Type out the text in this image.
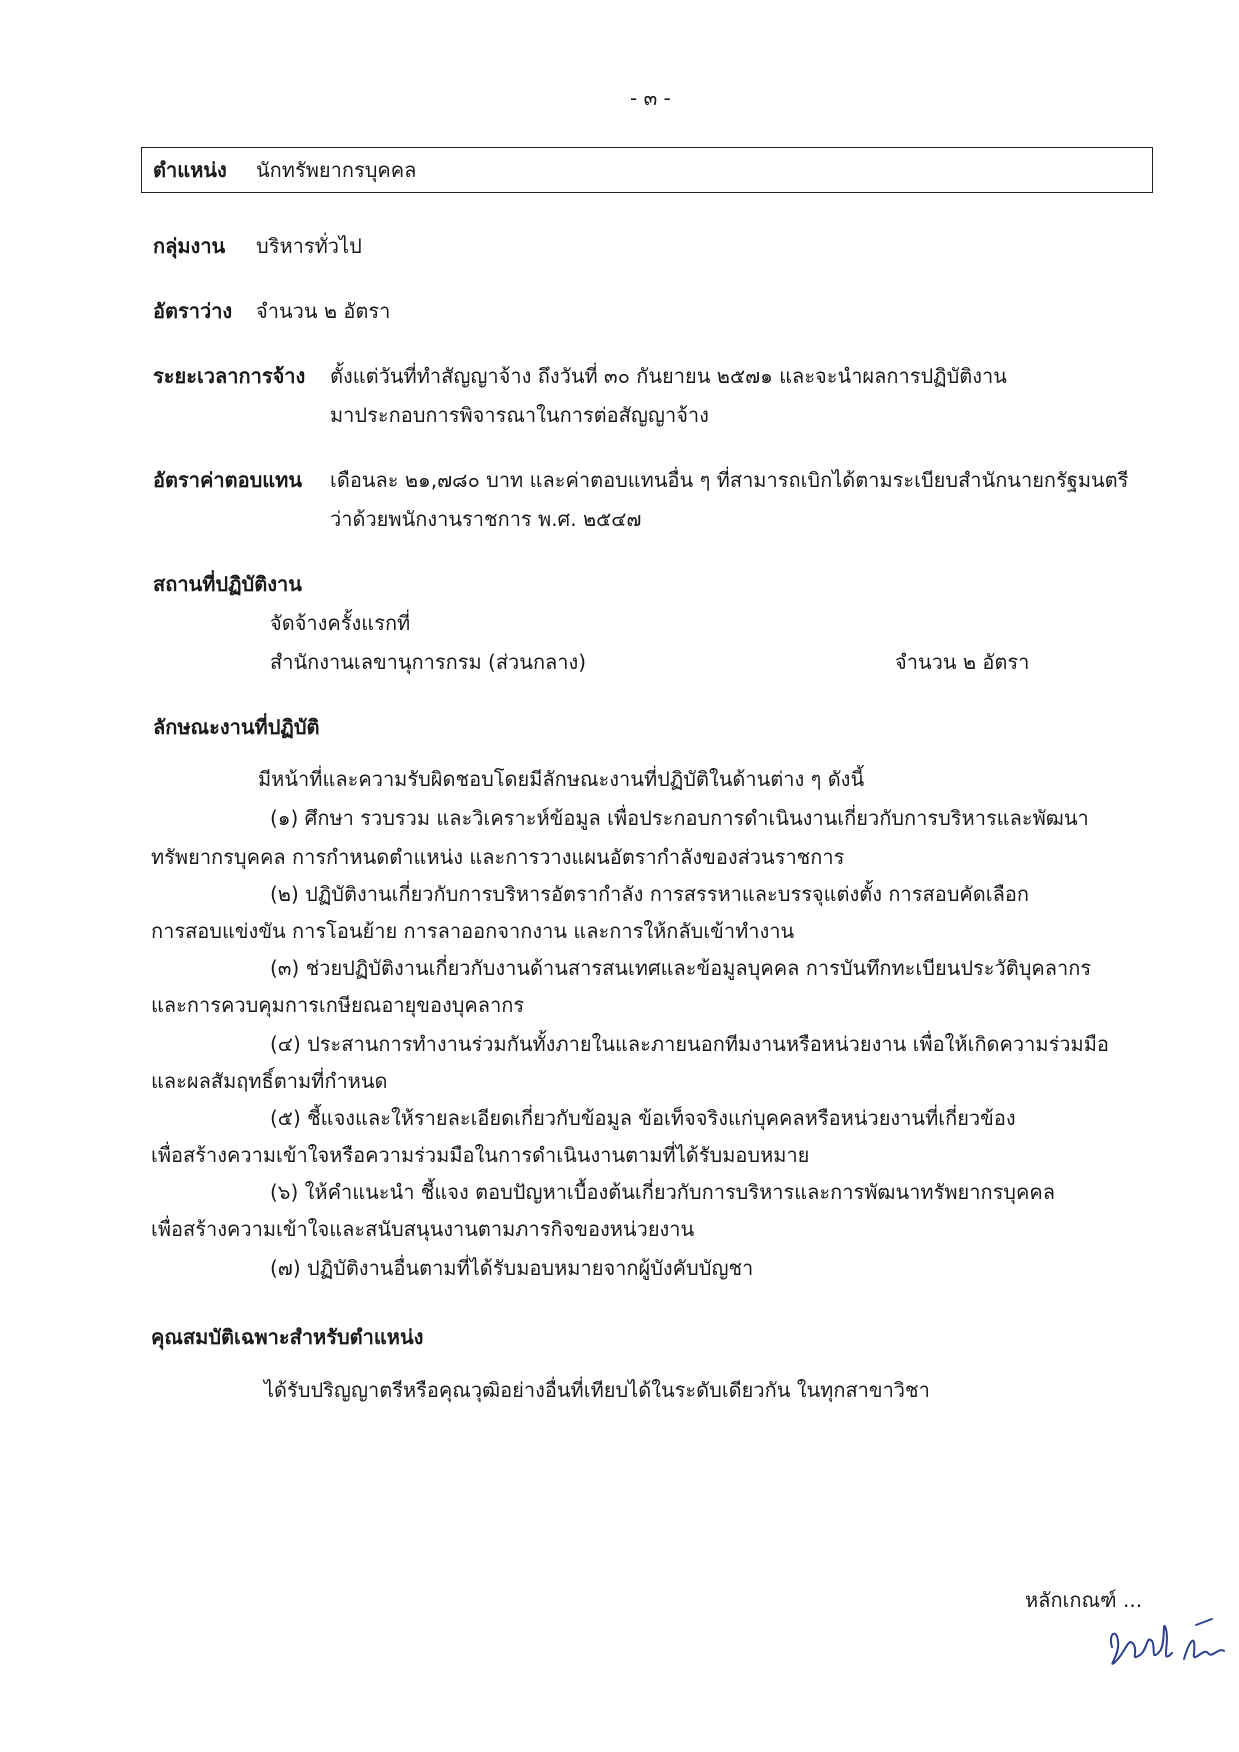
- ๓ -
ตำแหน่ง นักทรัพยากรบุคคล
กลุ่มงาน บริหารทั่วไป
อัตราว่าง จำนวน ๒ อัตรา
ระยะเวลาการจ้าง ตั้งแต่วันที่ทำสัญญาจ้าง ถึงวันที่ ๓๐ กันยายน ๒๕๗๑ และจะนำผลการปฏิบัติงาน
มาประกอบการพิจารณาในการต่อสัญญาจ้าง
อัตราค่าตอบแทน เดือนละ ๒๑,๗๘๐ บาท และค่าตอบแทนอื่น ๆ ที่สามารถเบิกได้ตามระเบียบสำนักนายกรัฐมนตรี
ว่าด้วยพนักงานราชการ พ.ศ. ๒๕๔๗
สถานที่ปฏิบัติงาน
จัดจ้างครั้งแรกที่
สำนักงานเลขานุการกรม (ส่วนกลาง)	จำนวน ๒ อัตรา
ลักษณะงานที่ปฏิบัติ
มีหน้าที่และความรับผิดชอบโดยมีลักษณะงานที่ปฏิบัติในด้านต่าง ๆ ดังนี้
(๑) ศึกษา รวบรวม และวิเคราะห์ข้อมูล เพื่อประกอบการดำเนินงานเกี่ยวกับการบริหารและพัฒนา
ทรัพยากรบุคคล การกำหนดตำแหน่ง และการวางแผนอัตรากำลังของส่วนราชการ
(๒) ปฏิบัติงานเกี่ยวกับการบริหารอัตรากำลัง การสรรหาและบรรจุแต่งตั้ง การสอบคัดเลือก
การสอบแข่งขัน การโอนย้าย การลาออกจากงาน และการให้กลับเข้าทำงาน
(๓) ช่วยปฏิบัติงานเกี่ยวกับงานด้านสารสนเทศและข้อมูลบุคคล การบันทึกทะเบียนประวัติบุคลากร
และการควบคุมการเกษียณอายุของบุคลากร
(๔) ประสานการทำงานร่วมกันทั้งภายในและภายนอกทีมงานหรือหน่วยงาน เพื่อให้เกิดความร่วมมือ
และผลสัมฤทธิ์ตามที่กำหนด
(๕) ชี้แจงและให้รายละเอียดเกี่ยวกับข้อมูล ข้อเท็จจริงแก่บุคคลหรือหน่วยงานที่เกี่ยวข้อง
เพื่อสร้างความเข้าใจหรือความร่วมมือในการดำเนินงานตามที่ได้รับมอบหมาย
(๖) ให้คำแนะนำ ชี้แจง ตอบปัญหาเบื้องต้นเกี่ยวกับการบริหารและการพัฒนาทรัพยากรบุคคล
เพื่อสร้างความเข้าใจและสนับสนุนงานตามภารกิจของหน่วยงาน
(๗) ปฏิบัติงานอื่นตามที่ได้รับมอบหมายจากผู้บังคับบัญชา
คุณสมบัติเฉพาะสำหรับตำแหน่ง
ได้รับปริญญาตรีหรือคุณวุฒิอย่างอื่นที่เทียบได้ในระดับเดียวกัน ในทุกสาขาวิชา
หลักเกณฑ์ ...
